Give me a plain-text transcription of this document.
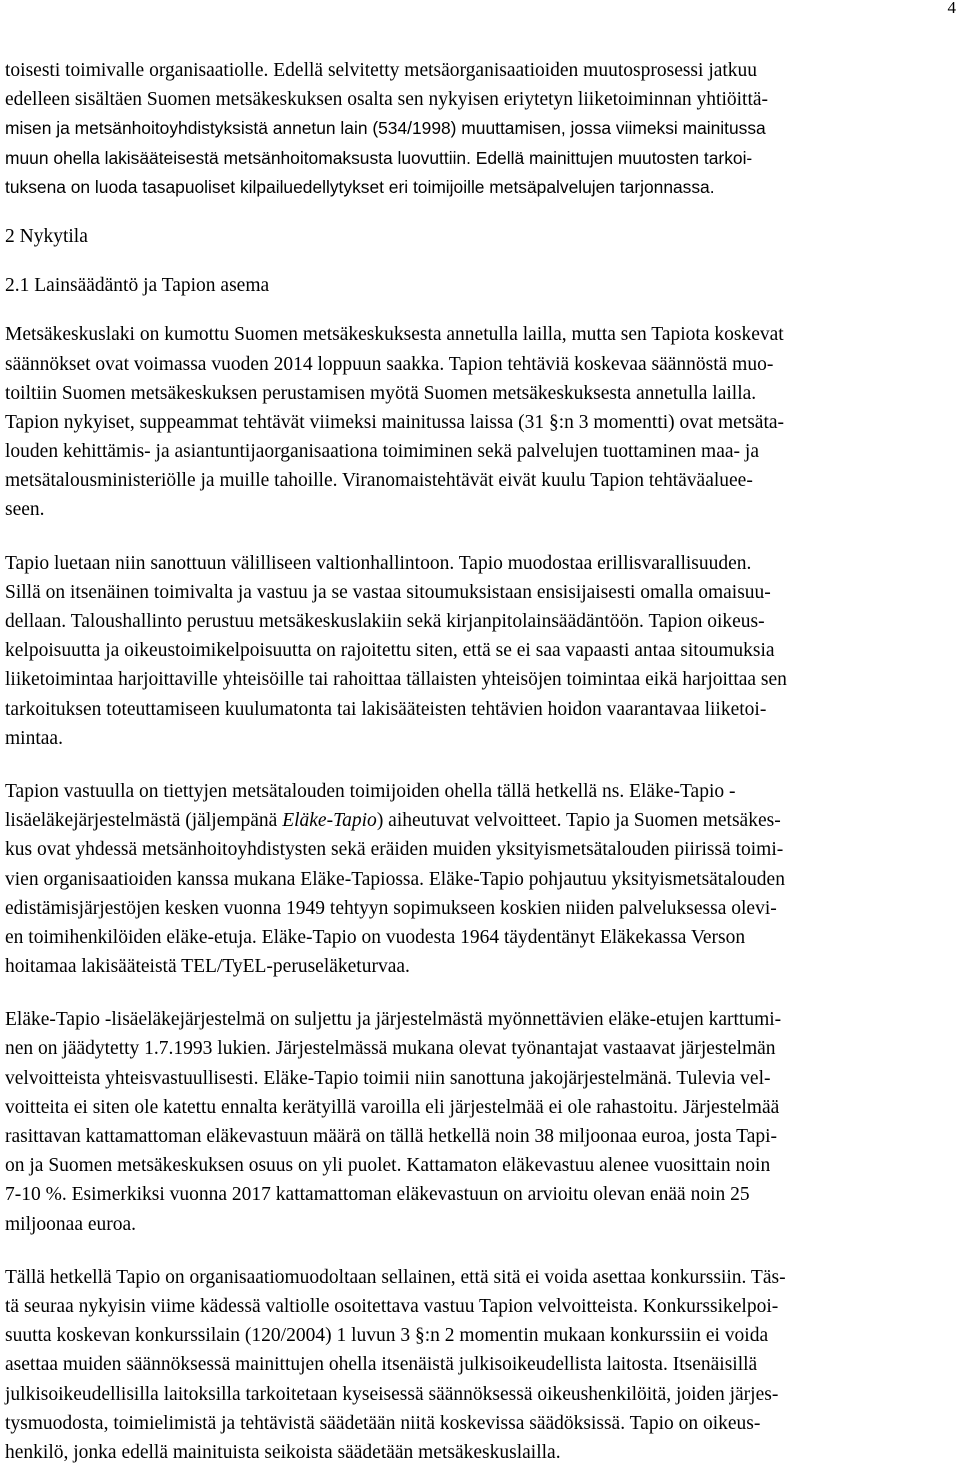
4
toisesti toimivalle organisaatiolle. Edellä selvitetty metsäorganisaatioiden muutosprosessi jatkuu
edelleen sisältäen Suomen metsäkeskuksen osalta sen nykyisen eriytetyn liiketoiminnan yhtiöittä-
misen ja metsänhoitoyhdistyksistä annetun lain (534/1998) muuttamisen, jossa viimeksi mainitussa
muun ohella lakisääteisestä metsänhoitomaksusta luovuttiin. Edellä mainittujen muutosten tarkoi-
tuksena on luoda tasapuoliset kilpailuedellytykset eri toimijoille metsäpalvelujen tarjonnassa.
2 Nykytila
2.1 Lainsäädäntö ja Tapion asema
Metsäkeskuslaki on kumottu Suomen metsäkeskuksesta annetulla lailla, mutta sen Tapiota koskevat
säännökset ovat voimassa vuoden 2014 loppuun saakka. Tapion tehtäviä koskevaa säännöstä muo-
toiltiin Suomen metsäkeskuksen perustamisen myötä Suomen metsäkeskuksesta annetulla lailla.
Tapion nykyiset, suppeammat tehtävät viimeksi mainitussa laissa (31 §:n 3 momentti) ovat metsäta-
louden kehittämis- ja asiantuntijaorganisaationa toimiminen sekä palvelujen tuottaminen maa- ja
metsätalousministeriölle ja muille tahoille. Viranomaistehtävät eivät kuulu Tapion tehtäväaluee-
seen.
Tapio luetaan niin sanottuun välilliseen valtionhallintoon. Tapio muodostaa erillisvarallisuuden.
Sillä on itsenäinen toimivalta ja vastuu ja se vastaa sitoumuksistaan ensisijaisesti omalla omaisuu-
dellaan. Taloushallinto perustuu metsäkeskuslakiin sekä kirjanpitolainsäädäntöön. Tapion oikeus-
kelpoisuutta ja oikeustoimikelpoisuutta on rajoitettu siten, että se ei saa vapaasti antaa sitoumuksia
liiketoimintaa harjoittaville yhteisöille tai rahoittaa tällaisten yhteisöjen toimintaa eikä harjoittaa sen
tarkoituksen toteuttamiseen kuulumatonta tai lakisääteisten tehtävien hoidon vaarantavaa liiketoi-
mintaa.
Tapion vastuulla on tiettyjen metsätalouden toimijoiden ohella tällä hetkellä ns. Eläke-Tapio -
lisäeläkejärjestelmästä (jäljempänä Eläke-Tapio) aiheutuvat velvoitteet. Tapio ja Suomen metsäkes-
kus ovat yhdessä metsänhoitoyhdistysten sekä eräiden muiden yksityismetsätalouden piirissä toimi-
vien organisaatioiden kanssa mukana Eläke-Tapiossa. Eläke-Tapio pohjautuu yksityismetsätalouden
edistämisjärjestöjen kesken vuonna 1949 tehtyyn sopimukseen koskien niiden palveluksessa olevi-
en toimihenkilöiden eläke-etuja. Eläke-Tapio on vuodesta 1964 täydentänyt Eläkekassa Verson
hoitamaa lakisääteistä TEL/TyEL-peruseläketurvaa.
Eläke-Tapio -lisäeläkejärjestelmä on suljettu ja järjestelmästä myönnettävien eläke-etujen karttumi-
nen on jäädytetty 1.7.1993 lukien. Järjestelmässä mukana olevat työnantajat vastaavat järjestelmän
velvoitteista yhteisvastuullisesti. Eläke-Tapio toimii niin sanottuna jakojärjestelmänä. Tulevia vel-
voitteita ei siten ole katettu ennalta kerätyillä varoilla eli järjestelmää ei ole rahastoitu. Järjestelmää
rasittavan kattamattoman eläkevastuun määrä on tällä hetkellä noin 38 miljoonaa euroa, josta Tapi-
on ja Suomen metsäkeskuksen osuus on yli puolet. Kattamaton eläkevastuu alenee vuosittain noin
7-10 %. Esimerkiksi vuonna 2017 kattamattoman eläkevastuun on arvioitu olevan enää noin 25
miljoonaa euroa.
Tällä hetkellä Tapio on organisaatiomuodoltaan sellainen, että sitä ei voida asettaa konkurssiin. Täs-
tä seuraa nykyisin viime kädessä valtiolle osoitettava vastuu Tapion velvoitteista. Konkurssikelpoi-
suutta koskevan konkurssilain (120/2004) 1 luvun 3 §:n 2 momentin mukaan konkurssiin ei voida
asettaa muiden säännöksessä mainittujen ohella itsenäistä julkisoikeudellista laitosta. Itsenäisillä
julkisoikeudellisilla laitoksilla tarkoitetaan kyseisessä säännöksessä oikeushenkilöitä, joiden järjes-
tysmuodosta, toimielimistä ja tehtävistä säädetään niitä koskevissa säädöksissä. Tapio on oikeus-
henkilö, jonka edellä mainituista seikoista säädetään metsäkeskuslailla.
